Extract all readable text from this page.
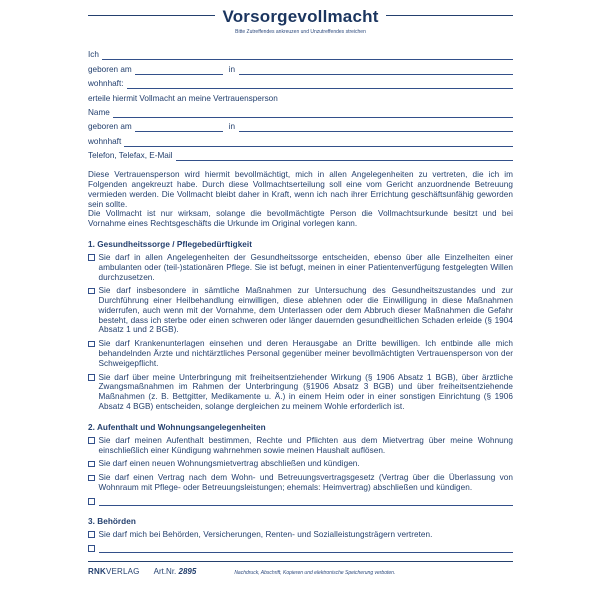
Vorsorgevollmacht
Bitte Zutreffendes ankreuzen und Unzutreffendes streichen
Ich
geboren am	in
wohnhaft:
erteile hiermit Vollmacht an meine Vertrauensperson
Name
geboren am	in
wohnhaft
Telefon, Telefax, E-Mail

Diese Vertrauensperson wird hiermit bevollmächtigt, mich in allen Angelegenheiten zu vertreten, die ich im Folgenden angekreuzt habe. Durch diese Vollmachtserteilung soll eine vom Gericht anzuordnende Betreuung vermieden werden. Die Vollmacht bleibt daher in Kraft, wenn ich nach ihrer Errichtung geschäftsunfähig geworden sein sollte.

Die Vollmacht ist nur wirksam, solange die bevollmächtigte Person die Vollmachtsurkunde besitzt und bei Vornahme eines Rechtsgeschäfts die Urkunde im Original vorlegen kann.

1. Gesundheitssorge / Pflegebedürftigkeit
Sie darf in allen Angelegenheiten der Gesundheitssorge entscheiden, ebenso über alle Einzelheiten einer ambulanten oder (teil-)stationären Pflege. Sie ist befugt, meinen in einer Patientenverfügung festgelegten Willen durchzusetzen.
Sie darf insbesondere in sämtliche Maßnahmen zur Untersuchung des Gesundheitszustandes und zur Durchführung einer Heilbehandlung einwilligen, diese ablehnen oder die Einwilligung in diese Maßnahmen widerrufen, auch wenn mit der Vornahme, dem Unterlassen oder dem Abbruch dieser Maßnahmen die Gefahr besteht, dass ich sterbe oder einen schweren oder länger dauernden gesundheitlichen Schaden erleide (§ 1904 Absatz 1 und 2 BGB).
Sie darf Krankenunterlagen einsehen und deren Herausgabe an Dritte bewilligen. Ich entbinde alle mich behandelnden Ärzte und nichtärztliches Personal gegenüber meiner bevollmächtigten Vertrauensperson von der Schweigepflicht.
Sie darf über meine Unterbringung mit freiheitsentziehender Wirkung (§ 1906 Absatz 1 BGB), über ärztliche Zwangsmaßnahmen im Rahmen der Unterbringung (§1906 Absatz 3 BGB) und über freiheitsentziehende Maßnahmen (z. B. Bettgitter, Medikamente u. Ä.) in einem Heim oder in einer sonstigen Einrichtung (§ 1906 Absatz 4 BGB) entscheiden, solange dergleichen zu meinem Wohle erforderlich ist.
2. Aufenthalt und Wohnungsangelegenheiten
Sie darf meinen Aufenthalt bestimmen, Rechte und Pflichten aus dem Mietvertrag über meine Wohnung einschließlich einer Kündigung wahrnehmen sowie meinen Haushalt auflösen.
Sie darf einen neuen Wohnungsmietvertrag abschließen und kündigen.
Sie darf einen Vertrag nach dem Wohn- und Betreuungsvertragsgesetz (Vertrag über die Überlassung von Wohnraum mit Pflege- oder Betreuungsleistungen; ehemals: Heimvertrag) abschließen und kündigen.
3. Behörden
Sie darf mich bei Behörden, Versicherungen, Renten- und Sozialleistungsträgern vertreten.
RNKVERLAG Art.Nr. 2895	Nachdruck, Abschrift, Kopieren und elektronische Speicherung verboten.
